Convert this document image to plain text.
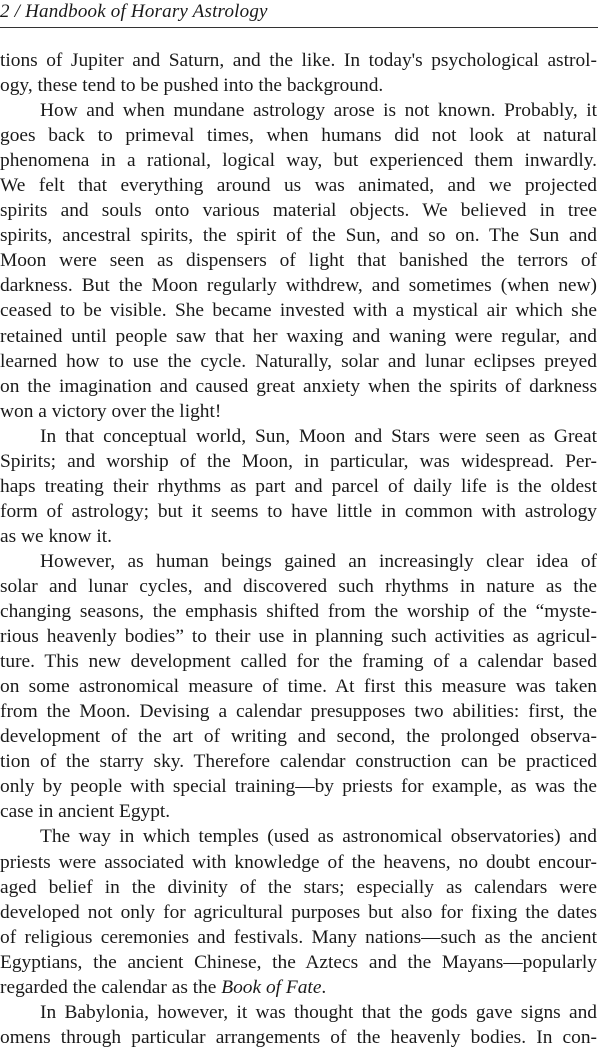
2 / Handbook of Horary Astrology
tions of Jupiter and Saturn, and the like. In today's psychological astrol-
ogy, these tend to be pushed into the background.
How and when mundane astrology arose is not known. Probably, it
goes back to primeval times, when humans did not look at natural
phenomena in a rational, logical way, but experienced them inwardly.
We felt that everything around us was animated, and we projected
spirits and souls onto various material objects. We believed in tree
spirits, ancestral spirits, the spirit of the Sun, and so on. The Sun and
Moon were seen as dispensers of light that banished the terrors of
darkness. But the Moon regularly withdrew, and sometimes (when new)
ceased to be visible. She became invested with a mystical air which she
retained until people saw that her waxing and waning were regular, and
learned how to use the cycle. Naturally, solar and lunar eclipses preyed
on the imagination and caused great anxiety when the spirits of darkness
won a victory over the light!
In that conceptual world, Sun, Moon and Stars were seen as Great
Spirits; and worship of the Moon, in particular, was widespread. Per-
haps treating their rhythms as part and parcel of daily life is the oldest
form of astrology; but it seems to have little in common with astrology
as we know it.
However, as human beings gained an increasingly clear idea of
solar and lunar cycles, and discovered such rhythms in nature as the
changing seasons, the emphasis shifted from the worship of the “myste-
rious heavenly bodies” to their use in planning such activities as agricul-
ture. This new development called for the framing of a calendar based
on some astronomical measure of time. At first this measure was taken
from the Moon. Devising a calendar presupposes two abilities: first, the
development of the art of writing and second, the prolonged observa-
tion of the starry sky. Therefore calendar construction can be practiced
only by people with special training—by priests for example, as was the
case in ancient Egypt.
The way in which temples (used as astronomical observatories) and
priests were associated with knowledge of the heavens, no doubt encour-
aged belief in the divinity of the stars; especially as calendars were
developed not only for agricultural purposes but also for fixing the dates
of religious ceremonies and festivals. Many nations—such as the ancient
Egyptians, the ancient Chinese, the Aztecs and the Mayans—popularly
regarded the calendar as the Book of Fate.
In Babylonia, however, it was thought that the gods gave signs and
omens through particular arrangements of the heavenly bodies. In con-
